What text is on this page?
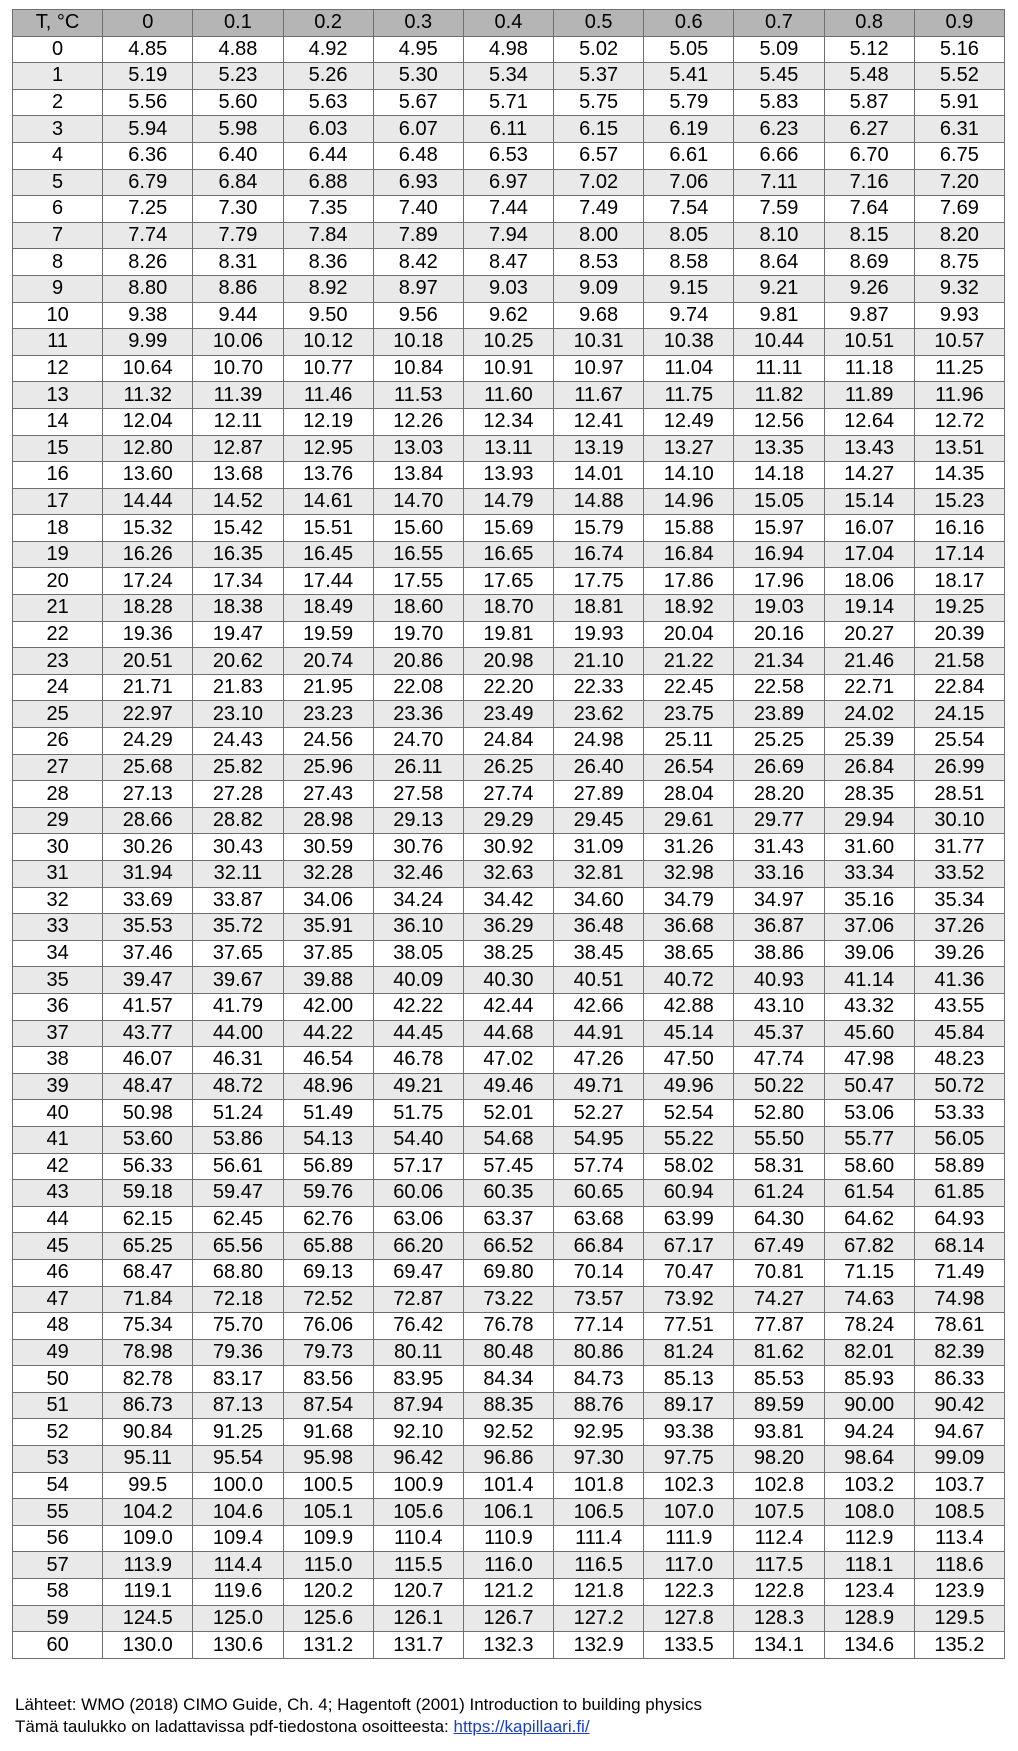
T, °C	0	0.1	0.2	0.3	0.4	0.5	0.6	0.7	0.8	0.9
0	4.85	4.88	4.92	4.95	4.98	5.02	5.05	5.09	5.12	5.16
1	5.19	5.23	5.26	5.30	5.34	5.37	5.41	5.45	5.48	5.52
2	5.56	5.60	5.63	5.67	5.71	5.75	5.79	5.83	5.87	5.91
3	5.94	5.98	6.03	6.07	6.11	6.15	6.19	6.23	6.27	6.31
4	6.36	6.40	6.44	6.48	6.53	6.57	6.61	6.66	6.70	6.75
5	6.79	6.84	6.88	6.93	6.97	7.02	7.06	7.11	7.16	7.20
6	7.25	7.30	7.35	7.40	7.44	7.49	7.54	7.59	7.64	7.69
7	7.74	7.79	7.84	7.89	7.94	8.00	8.05	8.10	8.15	8.20
8	8.26	8.31	8.36	8.42	8.47	8.53	8.58	8.64	8.69	8.75
9	8.80	8.86	8.92	8.97	9.03	9.09	9.15	9.21	9.26	9.32
10	9.38	9.44	9.50	9.56	9.62	9.68	9.74	9.81	9.87	9.93
11	9.99	10.06	10.12	10.18	10.25	10.31	10.38	10.44	10.51	10.57
12	10.64	10.70	10.77	10.84	10.91	10.97	11.04	11.11	11.18	11.25
13	11.32	11.39	11.46	11.53	11.60	11.67	11.75	11.82	11.89	11.96
14	12.04	12.11	12.19	12.26	12.34	12.41	12.49	12.56	12.64	12.72
15	12.80	12.87	12.95	13.03	13.11	13.19	13.27	13.35	13.43	13.51
16	13.60	13.68	13.76	13.84	13.93	14.01	14.10	14.18	14.27	14.35
17	14.44	14.52	14.61	14.70	14.79	14.88	14.96	15.05	15.14	15.23
18	15.32	15.42	15.51	15.60	15.69	15.79	15.88	15.97	16.07	16.16
19	16.26	16.35	16.45	16.55	16.65	16.74	16.84	16.94	17.04	17.14
20	17.24	17.34	17.44	17.55	17.65	17.75	17.86	17.96	18.06	18.17
21	18.28	18.38	18.49	18.60	18.70	18.81	18.92	19.03	19.14	19.25
22	19.36	19.47	19.59	19.70	19.81	19.93	20.04	20.16	20.27	20.39
23	20.51	20.62	20.74	20.86	20.98	21.10	21.22	21.34	21.46	21.58
24	21.71	21.83	21.95	22.08	22.20	22.33	22.45	22.58	22.71	22.84
25	22.97	23.10	23.23	23.36	23.49	23.62	23.75	23.89	24.02	24.15
26	24.29	24.43	24.56	24.70	24.84	24.98	25.11	25.25	25.39	25.54
27	25.68	25.82	25.96	26.11	26.25	26.40	26.54	26.69	26.84	26.99
28	27.13	27.28	27.43	27.58	27.74	27.89	28.04	28.20	28.35	28.51
29	28.66	28.82	28.98	29.13	29.29	29.45	29.61	29.77	29.94	30.10
30	30.26	30.43	30.59	30.76	30.92	31.09	31.26	31.43	31.60	31.77
31	31.94	32.11	32.28	32.46	32.63	32.81	32.98	33.16	33.34	33.52
32	33.69	33.87	34.06	34.24	34.42	34.60	34.79	34.97	35.16	35.34
33	35.53	35.72	35.91	36.10	36.29	36.48	36.68	36.87	37.06	37.26
34	37.46	37.65	37.85	38.05	38.25	38.45	38.65	38.86	39.06	39.26
35	39.47	39.67	39.88	40.09	40.30	40.51	40.72	40.93	41.14	41.36
36	41.57	41.79	42.00	42.22	42.44	42.66	42.88	43.10	43.32	43.55
37	43.77	44.00	44.22	44.45	44.68	44.91	45.14	45.37	45.60	45.84
38	46.07	46.31	46.54	46.78	47.02	47.26	47.50	47.74	47.98	48.23
39	48.47	48.72	48.96	49.21	49.46	49.71	49.96	50.22	50.47	50.72
40	50.98	51.24	51.49	51.75	52.01	52.27	52.54	52.80	53.06	53.33
41	53.60	53.86	54.13	54.40	54.68	54.95	55.22	55.50	55.77	56.05
42	56.33	56.61	56.89	57.17	57.45	57.74	58.02	58.31	58.60	58.89
43	59.18	59.47	59.76	60.06	60.35	60.65	60.94	61.24	61.54	61.85
44	62.15	62.45	62.76	63.06	63.37	63.68	63.99	64.30	64.62	64.93
45	65.25	65.56	65.88	66.20	66.52	66.84	67.17	67.49	67.82	68.14
46	68.47	68.80	69.13	69.47	69.80	70.14	70.47	70.81	71.15	71.49
47	71.84	72.18	72.52	72.87	73.22	73.57	73.92	74.27	74.63	74.98
48	75.34	75.70	76.06	76.42	76.78	77.14	77.51	77.87	78.24	78.61
49	78.98	79.36	79.73	80.11	80.48	80.86	81.24	81.62	82.01	82.39
50	82.78	83.17	83.56	83.95	84.34	84.73	85.13	85.53	85.93	86.33
51	86.73	87.13	87.54	87.94	88.35	88.76	89.17	89.59	90.00	90.42
52	90.84	91.25	91.68	92.10	92.52	92.95	93.38	93.81	94.24	94.67
53	95.11	95.54	95.98	96.42	96.86	97.30	97.75	98.20	98.64	99.09
54	99.5	100.0	100.5	100.9	101.4	101.8	102.3	102.8	103.2	103.7
55	104.2	104.6	105.1	105.6	106.1	106.5	107.0	107.5	108.0	108.5
56	109.0	109.4	109.9	110.4	110.9	111.4	111.9	112.4	112.9	113.4
57	113.9	114.4	115.0	115.5	116.0	116.5	117.0	117.5	118.1	118.6
58	119.1	119.6	120.2	120.7	121.2	121.8	122.3	122.8	123.4	123.9
59	124.5	125.0	125.6	126.1	126.7	127.2	127.8	128.3	128.9	129.5
60	130.0	130.6	131.2	131.7	132.3	132.9	133.5	134.1	134.6	135.2
Lähteet: WMO (2018) CIMO Guide, Ch. 4; Hagentoft (2001) Introduction to building physics
Tämä taulukko on ladattavissa pdf-tiedostona osoitteesta: https://kapillaari.fi/
